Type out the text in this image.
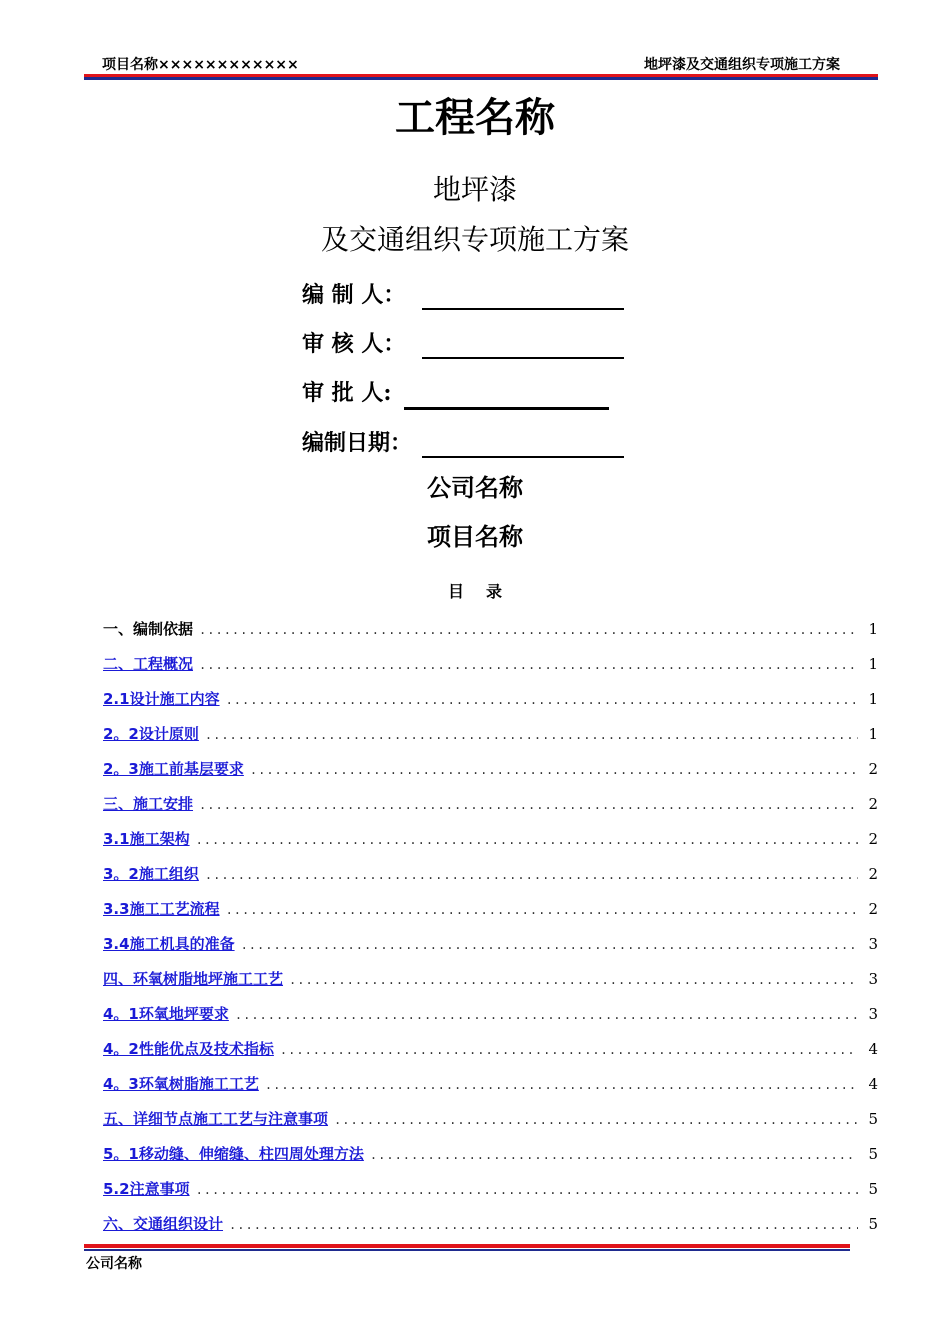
项目名称××××××××××××	地坪漆及交通组织专项施工方案
工程名称
地坪漆
及交通组织专项施工方案
编 制 人：
审 核 人：
审 批 人:
编制日期：
公司名称
项目名称
目录
一、编制依据 .....	1
二、工程概况 .....	1
2.1设计施工内容 .....	1
2。2设计原则 .....	1
2。3施工前基层要求 .....	2
三、施工安排 .....	2
3.1施工架构 .....	2
3。2施工组织 .....	2
3.3施工工艺流程 .....	2
3.4施工机具的准备 .....	3
四、环氧树脂地坪施工工艺 .....	3
4。1环氧地坪要求 .....	3
4。2性能优点及技术指标 .....	4
4。3环氧树脂施工工艺 .....	4
五、详细节点施工工艺与注意事项 .....	5
5。1移动缝、伸缩缝、柱四周处理方法 .....	5
5.2注意事项 .....	5
六、交通组织设计 .....	5
公司名称
